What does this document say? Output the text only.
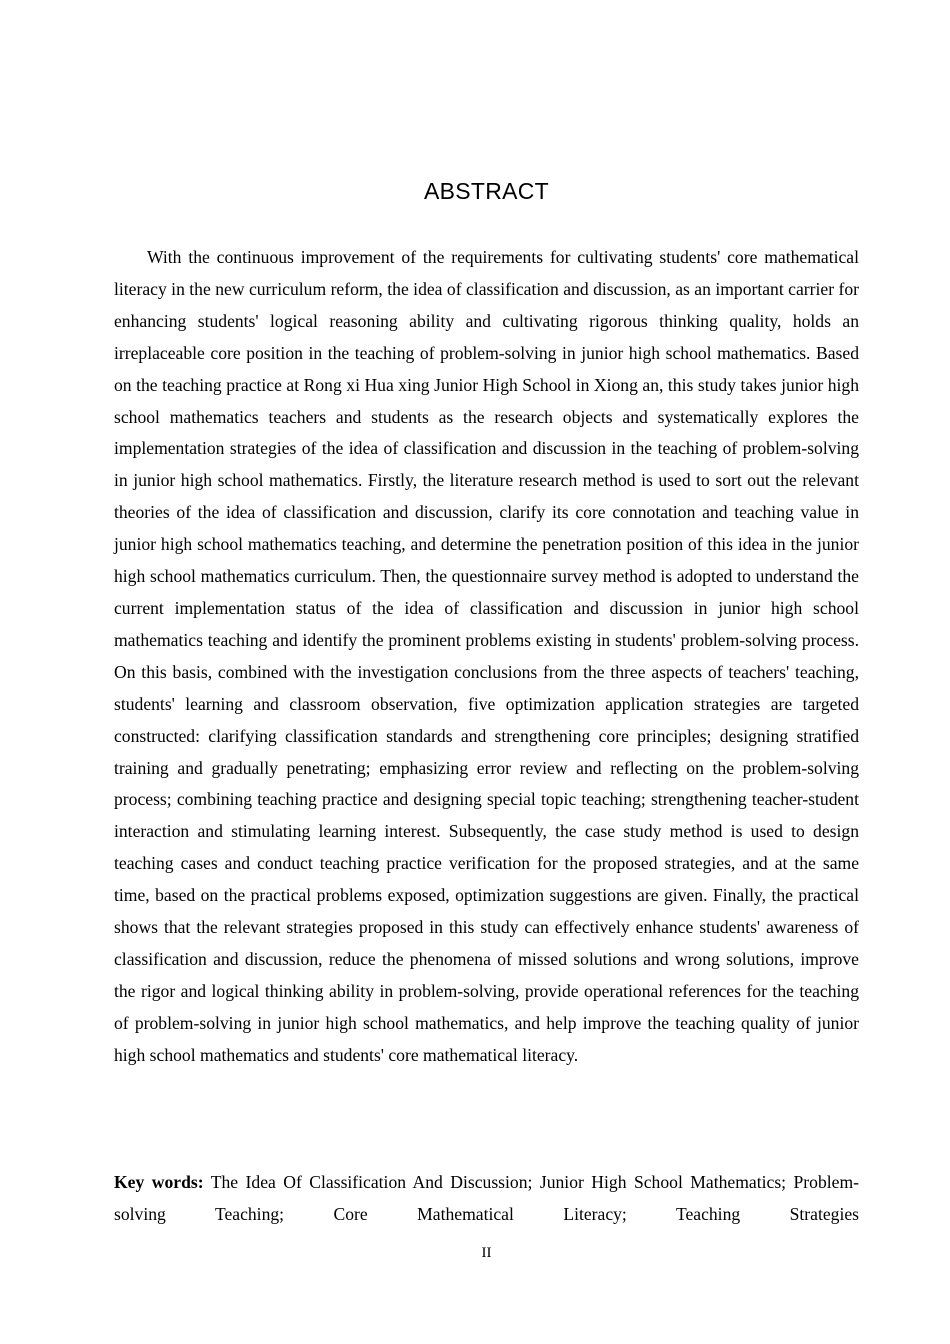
ABSTRACT

With the continuous improvement of the requirements for cultivating students' core mathematical literacy in the new curriculum reform, the idea of classification and discussion, as an important carrier for enhancing students' logical reasoning ability and cultivating rigorous thinking quality, holds an irreplaceable core position in the teaching of problem-solving in junior high school mathematics. Based on the teaching practice at Rong xi Hua xing Junior High School in Xiong an, this study takes junior high school mathematics teachers and students as the research objects and systematically explores the implementation strategies of the idea of classification and discussion in the teaching of problem-solving in junior high school mathematics. Firstly, the literature research method is used to sort out the relevant theories of the idea of classification and discussion, clarify its core connotation and teaching value in junior high school mathematics teaching, and determine the penetration position of this idea in the junior high school mathematics curriculum. Then, the questionnaire survey method is adopted to understand the current implementation status of the idea of classification and discussion in junior high school mathematics teaching and identify the prominent problems existing in students' problem-solving process. On this basis, combined with the investigation conclusions from the three aspects of teachers' teaching, students' learning and classroom observation, five optimization application strategies are targeted constructed: clarifying classification standards and strengthening core principles; designing stratified training and gradually penetrating; emphasizing error review and reflecting on the problem-solving process; combining teaching practice and designing special topic teaching; strengthening teacher-student interaction and stimulating learning interest. Subsequently, the case study method is used to design teaching cases and conduct teaching practice verification for the proposed strategies, and at the same time, based on the practical problems exposed, optimization suggestions are given. Finally, the practical shows that the relevant strategies proposed in this study can effectively enhance students' awareness of classification and discussion, reduce the phenomena of missed solutions and wrong solutions, improve the rigor and logical thinking ability in problem-solving, provide operational references for the teaching of problem-solving in junior high school mathematics, and help improve the teaching quality of junior high school mathematics and students' core mathematical literacy.

Key words: The Idea Of Classification And Discussion; Junior High School Mathematics; Problem-solving Teaching; Core Mathematical Literacy; Teaching Strategies

II
